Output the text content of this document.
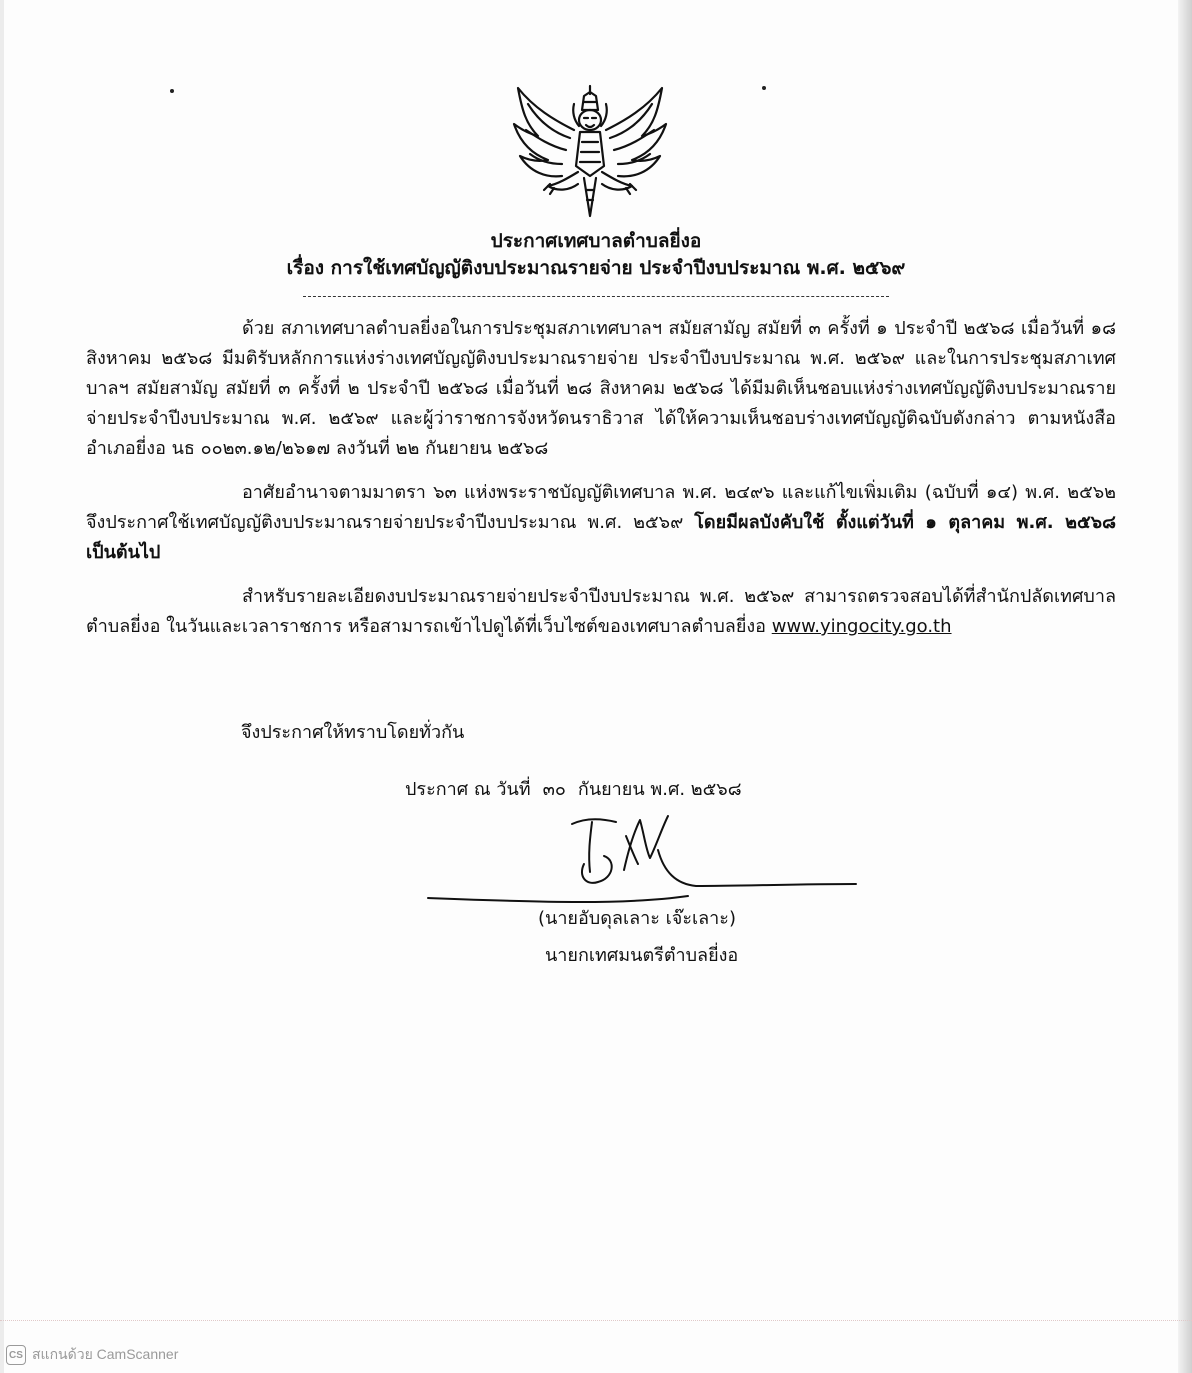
ประกาศเทศบาลตำบลยี่งอ
เรื่อง การใช้เทศบัญญัติงบประมาณรายจ่าย ประจำปีงบประมาณ พ.ศ. ๒๕๖๙

ด้วย สภาเทศบาลตำบลยี่งอในการประชุมสภาเทศบาลฯ สมัยสามัญ สมัยที่ ๓ ครั้งที่ ๑ ประจำปี ๒๕๖๘ เมื่อวันที่ ๑๘ สิงหาคม ๒๕๖๘ มีมติรับหลักการแห่งร่างเทศบัญญัติงบประมาณรายจ่าย ประจำปีงบประมาณ พ.ศ. ๒๕๖๙ และในการประชุมสภาเทศบาลฯ สมัยสามัญ สมัยที่ ๓ ครั้งที่ ๒ ประจำปี ๒๕๖๘ เมื่อวันที่ ๒๘ สิงหาคม ๒๕๖๘ ได้มีมติเห็นชอบแห่งร่างเทศบัญญัติงบประมาณรายจ่ายประจำปีงบประมาณ พ.ศ. ๒๕๖๙ และผู้ว่าราชการจังหวัดนราธิวาส ได้ให้ความเห็นชอบร่างเทศบัญญัติฉบับดังกล่าว ตามหนังสืออำเภอยี่งอ นธ ๐๐๒๓.๑๒/๒๖๑๗ ลงวันที่ ๒๒ กันยายน ๒๕๖๘

อาศัยอำนาจตามมาตรา ๖๓ แห่งพระราชบัญญัติเทศบาล พ.ศ. ๒๔๙๖ และแก้ไขเพิ่มเติม (ฉบับที่ ๑๔) พ.ศ. ๒๕๖๒ จึงประกาศใช้เทศบัญญัติงบประมาณรายจ่ายประจำปีงบประมาณ พ.ศ. ๒๕๖๙ โดยมีผลบังคับใช้ ตั้งแต่วันที่ ๑ ตุลาคม พ.ศ. ๒๕๖๘ เป็นต้นไป

สำหรับรายละเอียดงบประมาณรายจ่ายประจำปีงบประมาณ พ.ศ. ๒๕๖๙ สามารถตรวจสอบได้ที่สำนักปลัดเทศบาลตำบลยี่งอ ในวันและเวลาราชการ หรือสามารถเข้าไปดูได้ที่เว็บไซต์ของเทศบาลตำบลยี่งอ www.yingocity.go.th

จึงประกาศให้ทราบโดยทั่วกัน
ประกาศ ณ วันที่ ๓๐ กันยายน พ.ศ. ๒๕๖๘
(นายอับดุลเลาะ เจ๊ะเลาะ)
นายกเทศมนตรีตำบลยี่งอ
CS สแกนด้วย CamScanner
